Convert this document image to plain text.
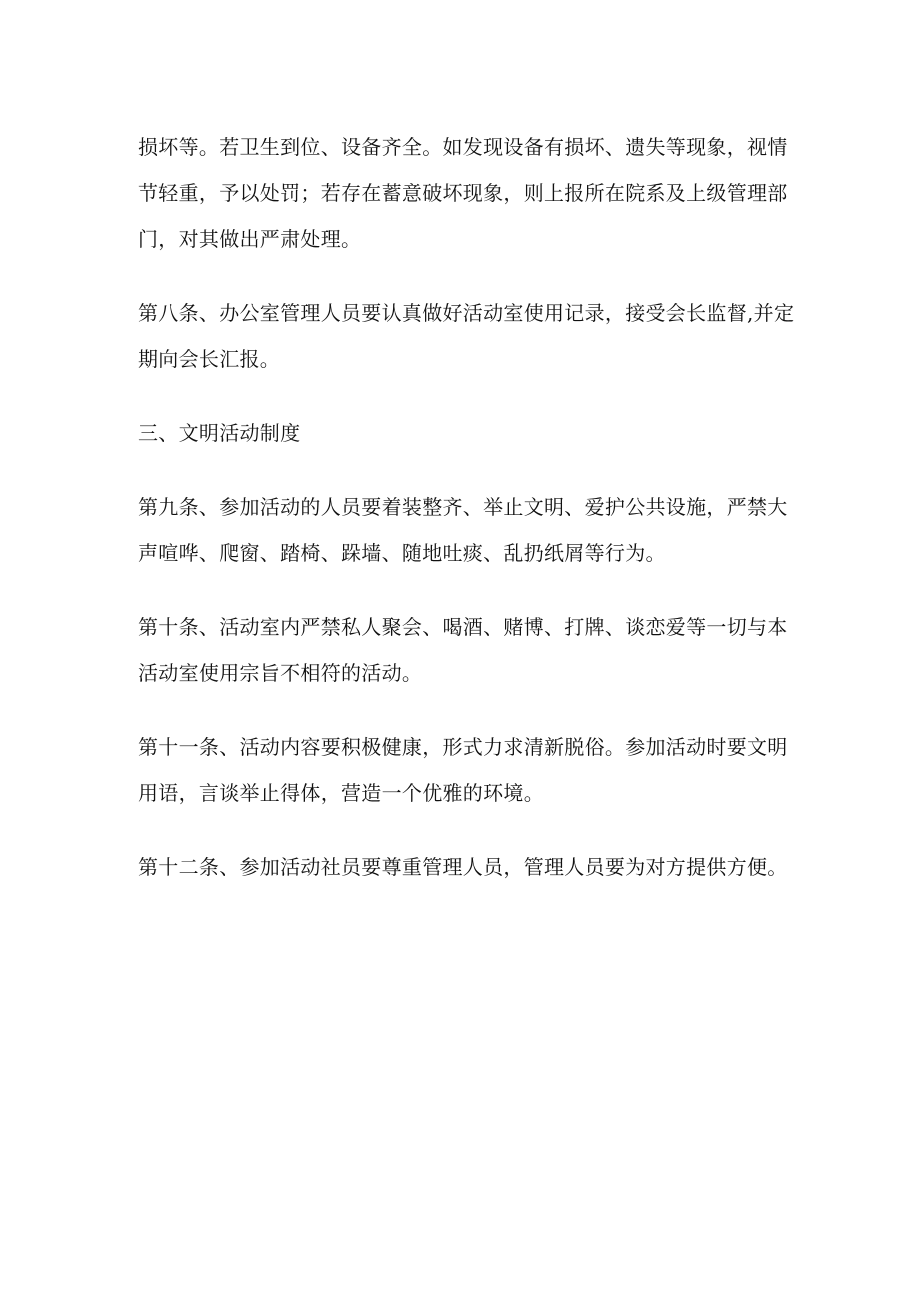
损坏等。若卫生到位、设备齐全。如发现设备有损坏、遗失等现象，视情
节轻重，予以处罚；若存在蓄意破坏现象，则上报所在院系及上级管理部
门，对其做出严肃处理。

第八条、办公室管理人员要认真做好活动室使用记录，接受会长监督,并定
期向会长汇报。

三、文明活动制度

第九条、参加活动的人员要着装整齐、举止文明、爱护公共设施，严禁大
声喧哗、爬窗、踏椅、跺墙、随地吐痰、乱扔纸屑等行为。

第十条、活动室内严禁私人聚会、喝酒、赌博、打牌、谈恋爱等一切与本
活动室使用宗旨不相符的活动。

第十一条、活动内容要积极健康，形式力求清新脱俗。参加活动时要文明
用语，言谈举止得体，营造一个优雅的环境。

第十二条、参加活动社员要尊重管理人员，管理人员要为对方提供方便。
